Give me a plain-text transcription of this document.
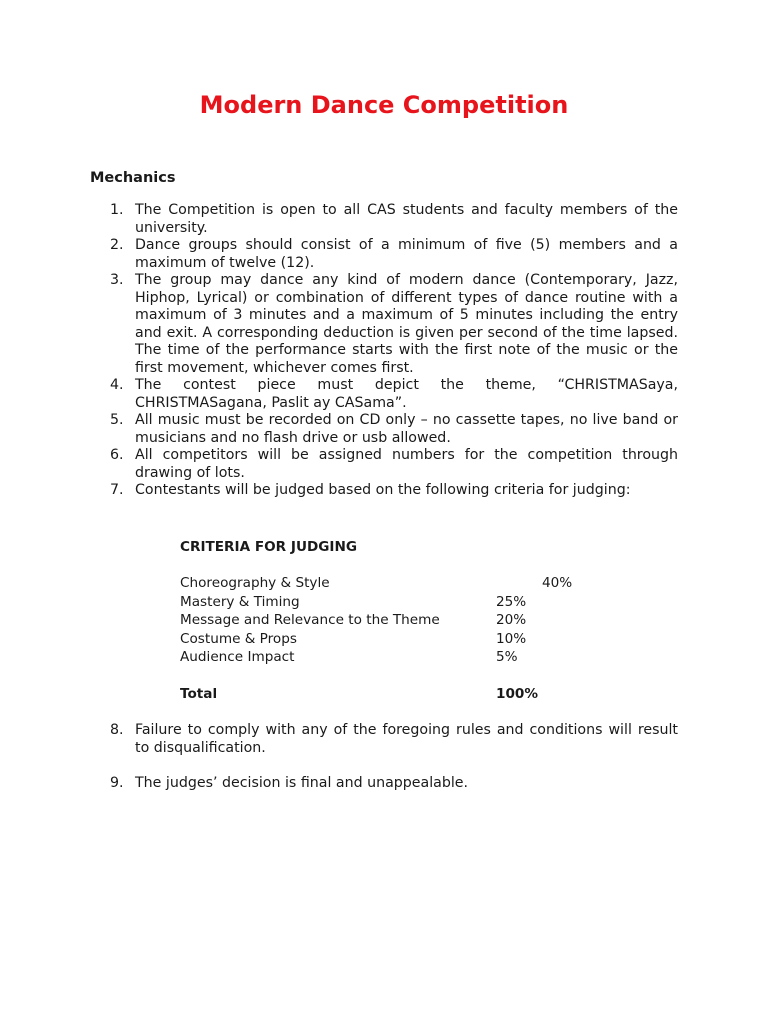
Modern Dance Competition
Mechanics
1. The Competition is open to all CAS students and faculty members of the university.
2. Dance groups should consist of a minimum of five (5) members and a maximum of twelve (12).
3. The group may dance any kind of modern dance (Contemporary, Jazz, Hiphop, Lyrical) or combination of different types of dance routine with a maximum of 3 minutes and a maximum of 5 minutes including the entry and exit. A corresponding deduction is given per second of the time lapsed. The time of the performance starts with the first note of the music or the first movement, whichever comes first.
4. The contest piece must depict the theme, “CHRISTMASaya, CHRISTMASagana, Paslit ay CASama”.
5. All music must be recorded on CD only – no cassette tapes, no live band or musicians and no flash drive or usb allowed.
6. All competitors will be assigned numbers for the competition through drawing of lots.
7. Contestants will be judged based on the following criteria for judging:
CRITERIA FOR JUDGING
Choreography & Style	40%
Mastery & Timing	25%
Message and Relevance to the Theme	20%
Costume & Props	10%
Audience Impact	5%
Total	100%
8. Failure to comply with any of the foregoing rules and conditions will result to disqualification.
9. The judges’ decision is final and unappealable.
